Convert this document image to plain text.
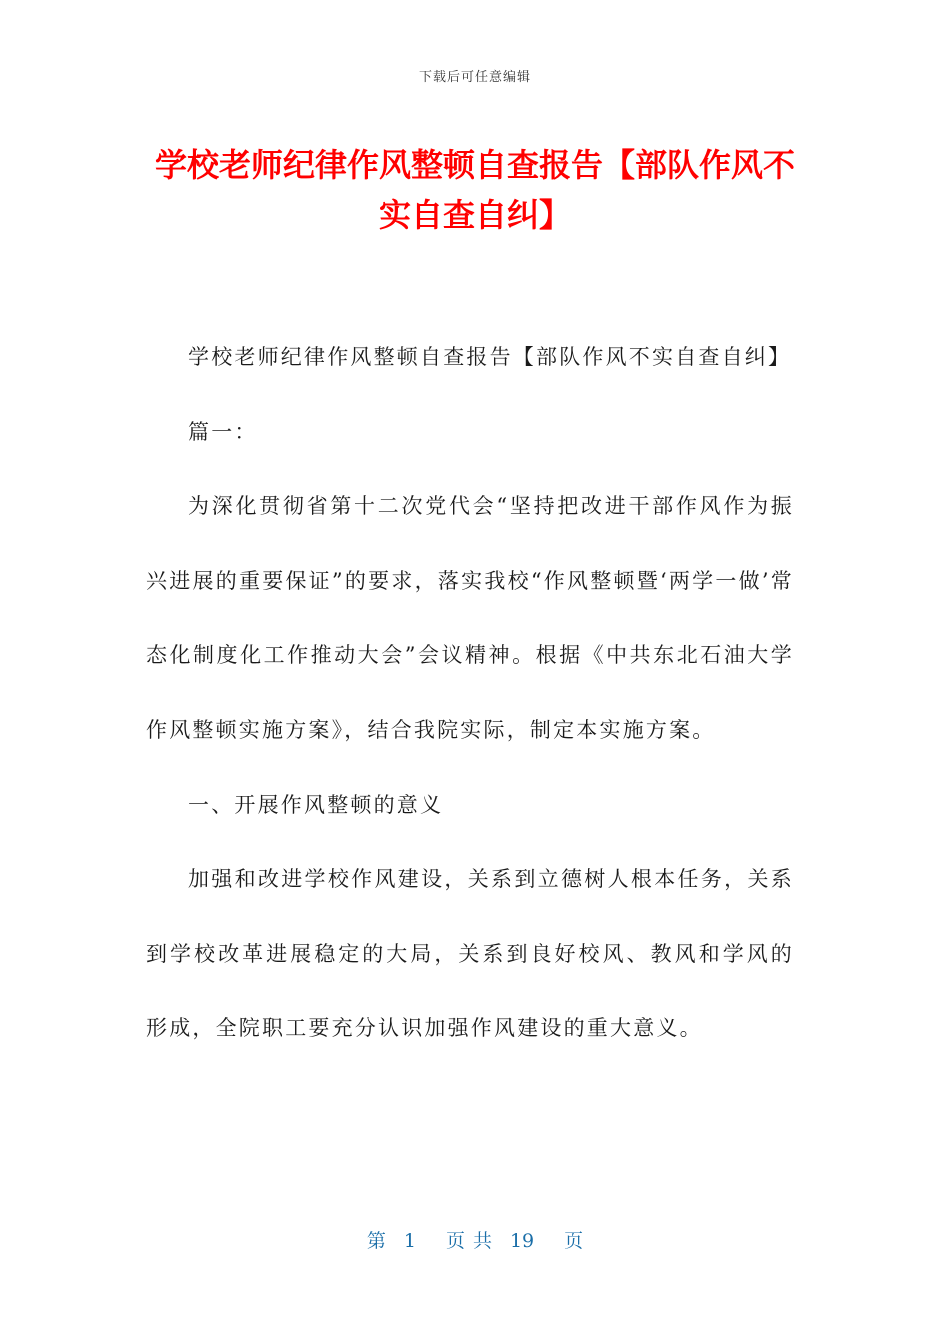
下载后可任意编辑
学校老师纪律作风整顿自查报告【部队作风不实自查自纠】

学校老师纪律作风整顿自查报告【部队作风不实自查自纠】

篇一：

为深化贯彻省第十二次党代会“坚持把改进干部作风作为振兴进展的重要保证”的要求，落实我校“作风整顿暨‘两学一做’常态化制度化工作推动大会”会议精神。根据《中共东北石油大学作风整顿实施方案》，结合我院实际，制定本实施方案。

一、开展作风整顿的意义

加强和改进学校作风建设，关系到立德树人根本任务，关系到学校改革进展稳定的大局，关系到良好校风、教风和学风的形成，全院职工要充分认识加强作风建设的重大意义。

第 1 页 共 19 页
